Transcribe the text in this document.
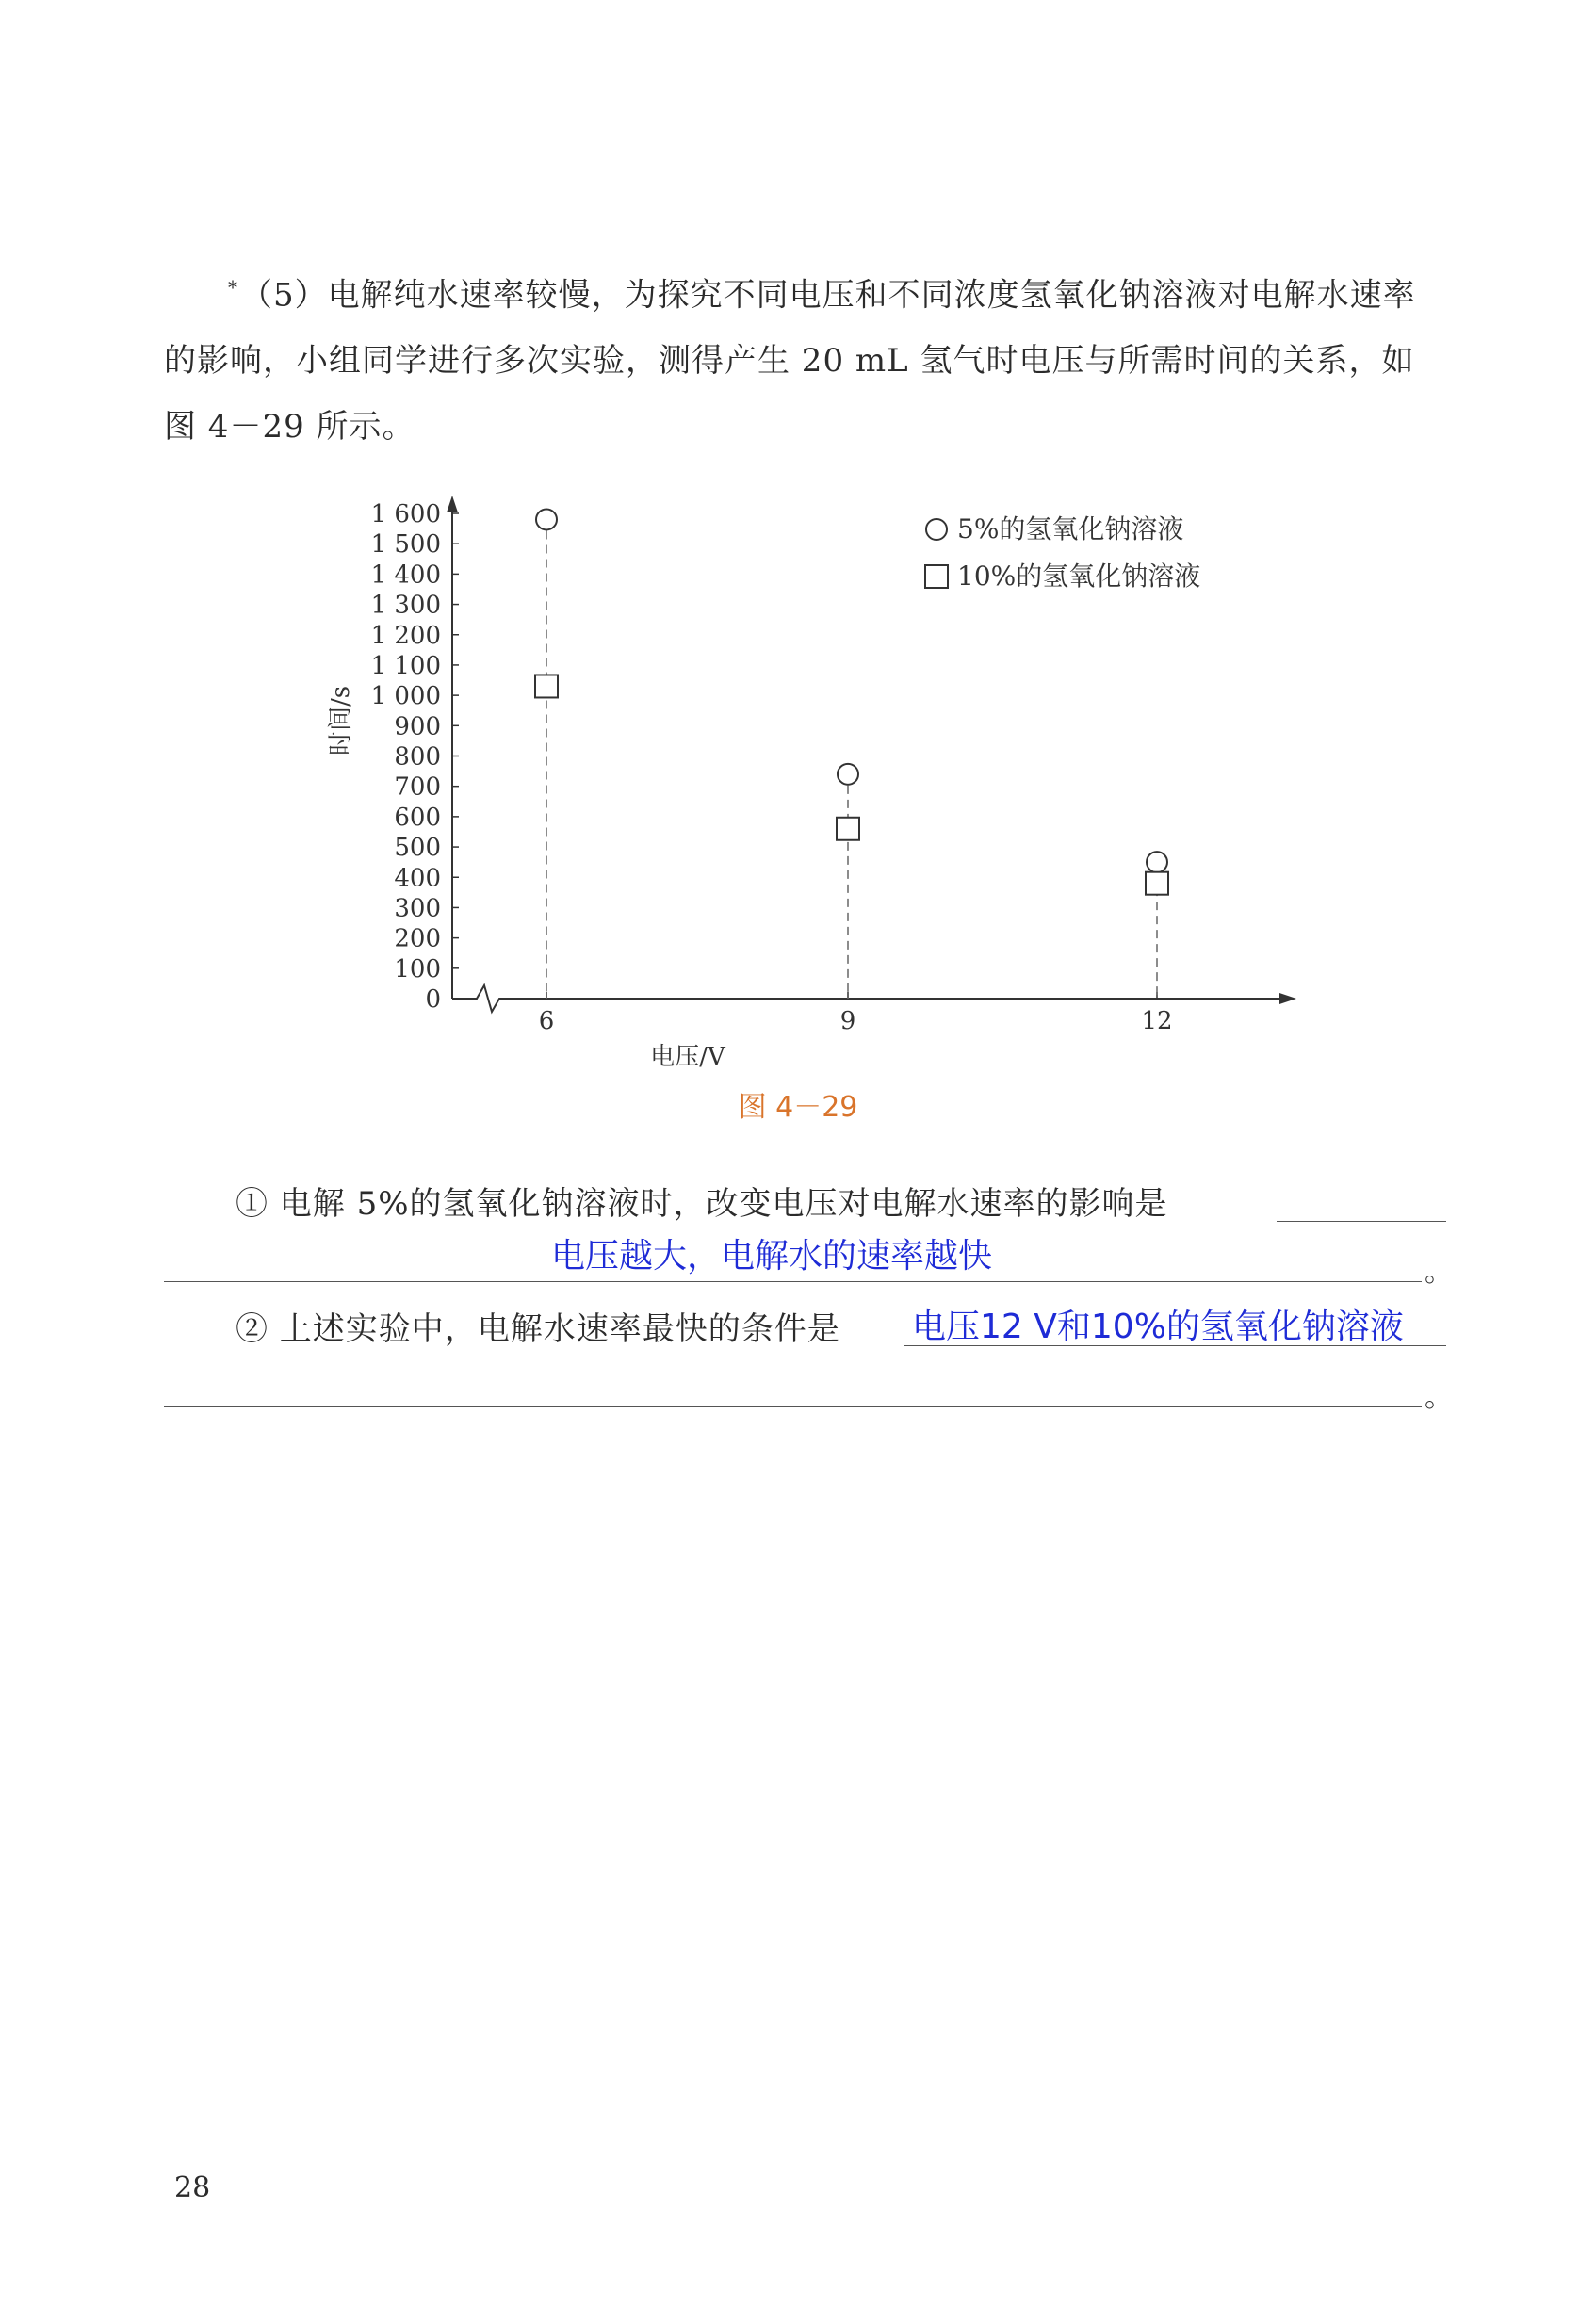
*（5）电解纯水速率较慢，为探究不同电压和不同浓度氢氧化钠溶液对电解水速率的影响，小组同学进行多次实验，测得产生 20 mL 氢气时电压与所需时间的关系，如图 4－29 所示。
0
100
200
300
400
500
600
700
800
900
1 000
1 100
1 200
1 300
1 400
1 500
1 600
6	9	12
5%的氢氧化钠溶液
10%的氢氧化钠溶液
时间/s
电压/V
图 4－29
① 电解 5%的氢氧化钠溶液时，改变电压对电解水速率的影响是
电压越大，电解水的速率越快	。
② 上述实验中，电解水速率最快的条件是 电压12 V和10%的氢氧化钠溶液
。
28
